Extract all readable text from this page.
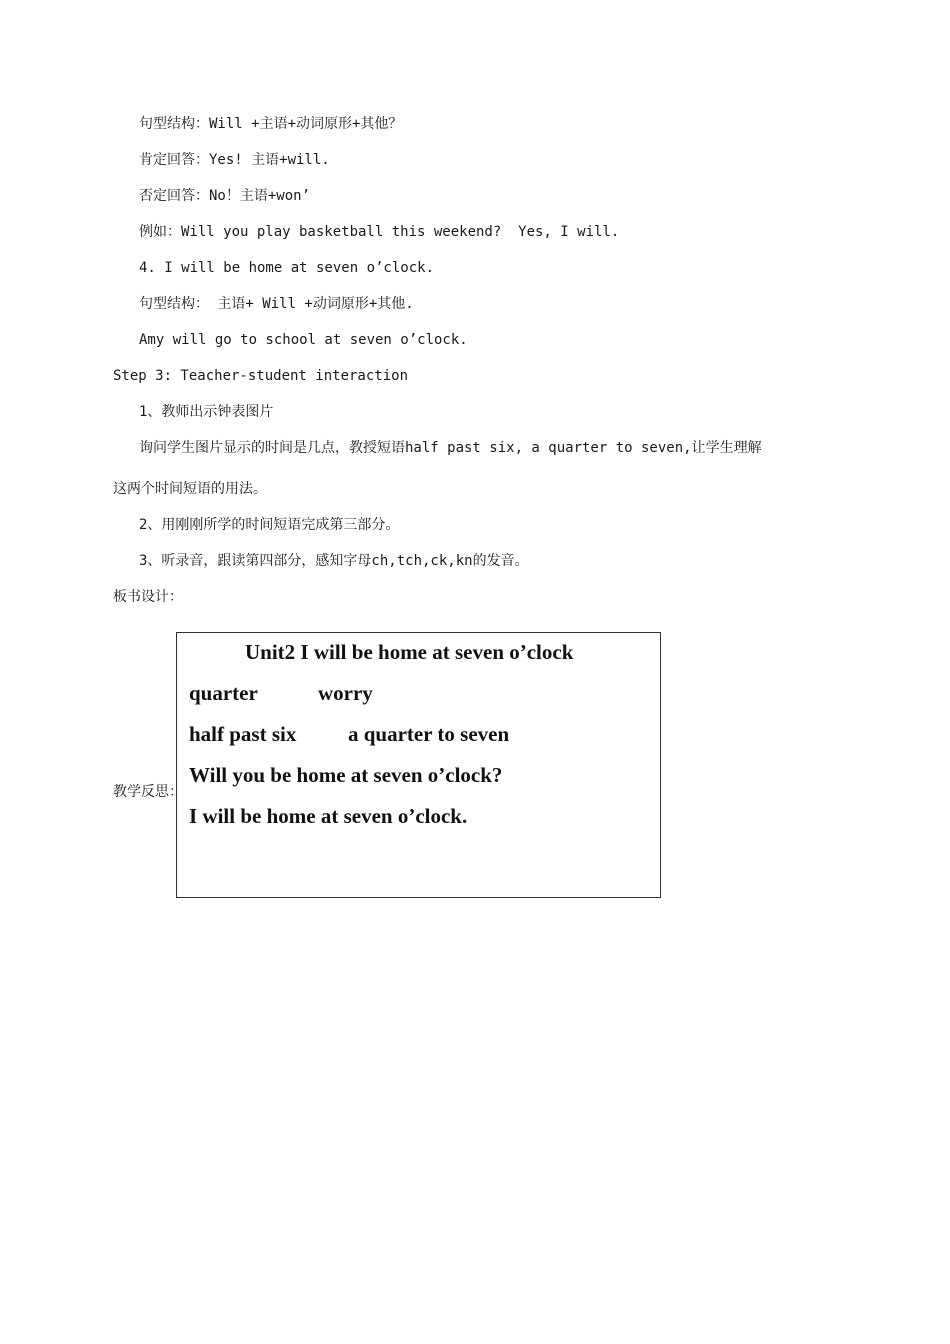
句型结构：Will +主语+动词原形+其他？
肯定回答：Yes! 主语+will.
否定回答：No！主语+won’
例如：Will you play basketball this weekend?  Yes, I will.
4. I will be home at seven o’clock.
句型结构： 主语+ Will +动词原形+其他.
Amy will go to school at seven o’clock.
Step 3: Teacher-student interaction
1、教师出示钟表图片
询问学生图片显示的时间是几点，教授短语half past six, a quarter to seven,让学生理解
这两个时间短语的用法。
2、用刚刚所学的时间短语完成第三部分。
3、听录音，跟读第四部分，感知字母ch,tch,ck,kn的发音。
板书设计：
教学反思：
Unit2 I will be home at seven o’clock
quarter	worry
half past six a quarter to seven
Will you be home at seven o’clock?
I will be home at seven o’clock.
